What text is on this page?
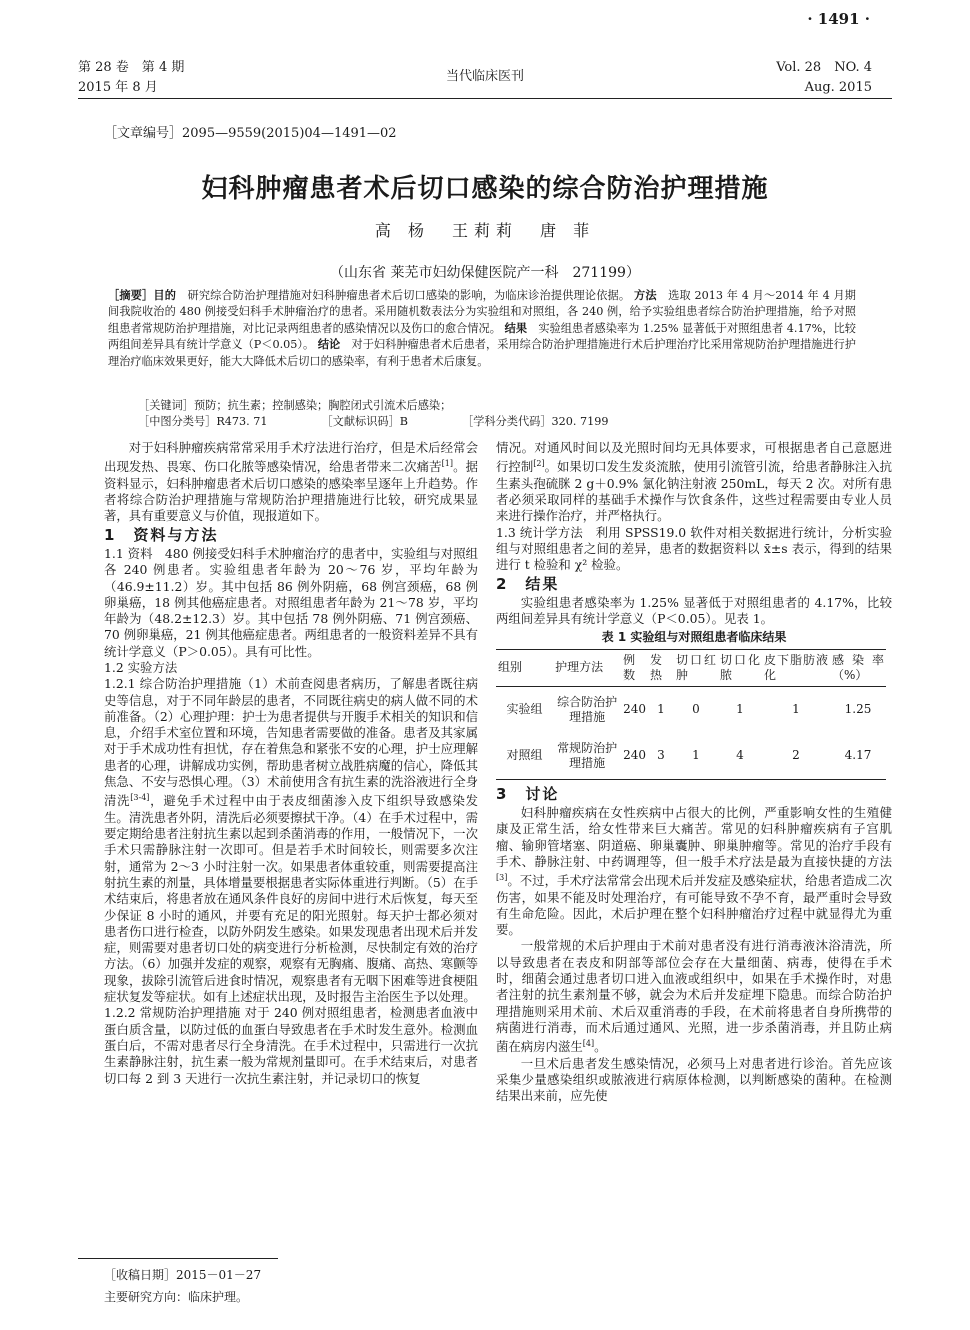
· 1491 ·
第 28 卷　第 4 期
2015 年 8 月
当代临床医刊
Vol. 28　NO. 4
Aug. 2015
［文章编号］2095—9559(2015)04—1491—02
妇科肿瘤患者术后切口感染的综合防治护理措施
高 杨　王莉莉　唐 菲
（山东省 莱芜市妇幼保健医院产一科　271199）
［摘要］目的　研究综合防治护理措施对妇科肿瘤患者术后切口感染的影响，为临床诊治提供理论依据。 方法　选取 2013 年 4 月～2014 年 4 月期间我院收治的 480 例接受妇科手术肿瘤治疗的患者。采用随机数表法分为实验组和对照组，各 240 例，给予实验组患者综合防治护理措施，给予对照组患者常规防治护理措施，对比记录两组患者的感染情况以及伤口的愈合情况。 结果　实验组患者感染率为 1.25% 显著低于对照组患者 4.17%，比较两组间差异具有统计学意义（P＜0.05）。 结论　对于妇科肿瘤患者术后患者，采用综合防治护理措施进行术后护理治疗比采用常规防治护理措施进行护理治疗临床效果更好，能大大降低术后切口的感染率，有利于患者术后康复。
［关键词］预防；抗生素；控制感染；胸腔闭式引流术后感染；
［中图分类号］R473. 71	［文献标识码］B	［学科分类代码］320. 7199

对于妇科肿瘤疾病常常采用手术疗法进行治疗，但是术后经常会出现发热、畏寒、伤口化脓等感染情况，给患者带来二次痛苦[1]。据资料显示，妇科肿瘤患者术后切口感染的感染率呈逐年上升趋势。作者将综合防治护理措施与常规防治护理措施进行比较，研究成果显著，具有重要意义与价值，现报道如下。

1　资料与方法

1.1 资料　480 例接受妇科手术肿瘤治疗的患者中，实验组与对照组各 240 例患者。实验组患者年龄为 20～76 岁，平均年龄为（46.9±11.2）岁。其中包括 86 例外阴癌，68 例宫颈癌，68 例卵巢癌，18 例其他癌症患者。对照组患者年龄为 21～78 岁，平均年龄为（48.2±12.3）岁。其中包括 78 例外阴癌、71 例宫颈癌、70 例卵巢癌，21 例其他癌症患者。两组患者的一般资料差异不具有统计学意义（P＞0.05）。具有可比性。

1.2 实验方法

1.2.1 综合防治护理措施（1）术前查阅患者病历，了解患者既往病史等信息，对于不同年龄层的患者，不同既往病史的病人做不同的术前准备。（2）心理护理：护士为患者提供与开腹手术相关的知识和信息，介绍手术室位置和环境，告知患者需要做的准备。患者及其家属对于手术成功性有担忧，存在着焦急和紧张不安的心理，护士应理解患者的心理，讲解成功实例，帮助患者树立战胜病魔的信心，降低其焦急、不安与恐惧心理。（3）术前使用含有抗生素的洗浴液进行全身清洗[3-4]，避免手术过程中由于表皮细菌渗入皮下组织导致感染发生。清洗患者外阴，清洗后必须要擦拭干净。（4）在手术过程中，需要定期给患者注射抗生素以起到杀菌消毒的作用，一般情况下，一次手术只需静脉注射一次即可。但是若手术时间较长，则需要多次注射，通常为 2～3 小时注射一次。如果患者体重较重，则需要提高注射抗生素的剂量，具体增量要根据患者实际体重进行判断。（5）在手术结束后，将患者放在通风条件良好的房间中进行术后恢复，每天至少保证 8 小时的通风，并要有充足的阳光照射。每天护士都必须对患者伤口进行检查，以防外阴发生感染。如果发现患者出现术后并发症，则需要对患者切口处的病变进行分析检测，尽快制定有效的治疗方法。（6）加强并发症的观察，观察有无胸痛、腹痛、高热、寒颤等现象，拔除引流管后进食时情况，观察患者有无咽下困难等进食梗阻症状复发等症状。如有上述症状出现，及时报告主治医生予以处理。

1.2.2 常规防治护理措施 对于 240 例对照组患者，检测患者血液中蛋白质含量，以防过低的血蛋白导致患者在手术时发生意外。检测血蛋白后，不需对患者尽行全身清洗。在手术过程中，只需进行一次抗生素静脉注射，抗生素一般为常规剂量即可。在手术结束后，对患者切口每 2 到 3 天进行一次抗生素注射，并记录切口的恢复

情况。对通风时间以及光照时间均无具体要求，可根据患者自己意愿进行控制[2]。如果切口发生发炎流脓，使用引流管引流，给患者静脉注入抗生素头孢硫脒 2 g＋0.9% 氯化钠注射液 250mL，每天 2 次。对所有患者必须采取同样的基础手术操作与饮食条件，这些过程需要由专业人员来进行操作治疗，并严格执行。

1.3 统计学方法　利用 SPSS19.0 软件对相关数据进行统计，分析实验组与对照组患者之间的差异，患者的数据资料以 x̄±s 表示，得到的结果进行 t 检验和 χ² 检验。

2　结果

实验组患者感染率为 1.25% 显著低于对照组患者的 4.17%，比较两组间差异具有统计学意义（P＜0.05）。见表 1。

表 1 实验组与对照组患者临床结果

组别	护理方法	例数	发热	切口红肿	切口化脓	皮下脂肪液化	感染率（%）
实验组	综合防治护理措施	240	1	0	1	1	1.25
对照组	常规防治护理措施	240	3	1	4	2	4.17

3　讨论

妇科肿瘤疾病在女性疾病中占很大的比例，严重影响女性的生殖健康及正常生活，给女性带来巨大痛苦。常见的妇科肿瘤疾病有子宫肌瘤、输卵管堵塞、阴道癌、卵巢囊肿、卵巢肿瘤等。常见的治疗手段有手术、静脉注射、中药调理等，但一般手术疗法是最为直接快捷的方法[3]。不过，手术疗法常常会出现术后并发症及感染症状，给患者造成二次伤害，如果不能及时处理治疗，有可能导致不孕不育，最严重时会导致有生命危险。因此，术后护理在整个妇科肿瘤治疗过程中就显得尤为重要。

一般常规的术后护理由于术前对患者没有进行消毒液沐浴清洗，所以导致患者在表皮和阴部等部位会存在大量细菌、病毒，使得在手术时，细菌会通过患者切口进入血液或组织中，如果在手术操作时，对患者注射的抗生素剂量不够，就会为术后并发症埋下隐患。而综合防治护理措施则采用术前、术后双重消毒的手段，在术前将患者自身所携带的病菌进行消毒，而术后通过通风、光照，进一步杀菌消毒，并且防止病菌在病房内滋生[4]。

一旦术后患者发生感染情况，必须马上对患者进行诊治。首先应该采集少量感染组织或脓液进行病原体检测，以判断感染的菌种。在检测结果出来前，应先使

［收稿日期］2015－01－27
主要研究方向：临床护理。
